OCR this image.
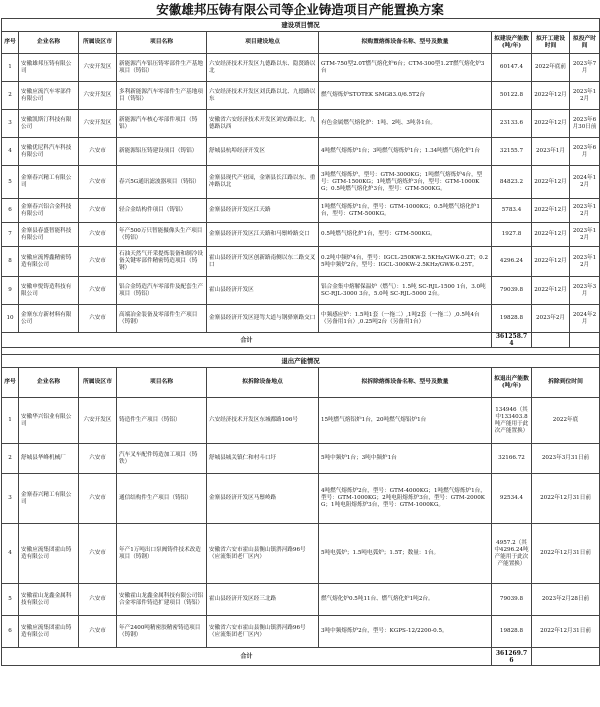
安徽雄邦压铸有限公司等企业铸造项目产能置换方案
建设项目情况								
序号	企业名称	所属设区市	项目名称	项目建设地点	拟购置熔炼设备名称、型号及数量	拟建设产能数(吨/年)	拟开工建设时间	拟投产时间
1	安徽雄邦压铸有限公司	六安开发区	新能源汽车铝压铸零部件生产基地项目（铸铝）	六安经济技术开发区九德路以东、隐贤路以北	GTM-750型2.0T燃气熔化炉6台；CTM-300型1.2T燃气熔化炉3台	60147.4	2022年底前	2023年7月
2	安徽应流汽车零部件有限公司	六安开发区	多利新能源汽车零部件生产基地项目（铸铝）	六安经济技术开发区刘氏路以北、九德路以东	燃气熔炼炉STOTEK SMG83.0/6.5T2台	50122.8	2022年12月	2023年12月
3	安徽凯斯汀科技有限公司	六安开发区	新能源汽车核心零部件项目（铸铝）	安徽省六安经济技术开发区刘安路以北、九德路以西	有色金属燃气熔化炉：1吨、2吨、3吨各1台。	23133.6	2022年12月	2023年6月30日前
4	安徽优尼科汽车科技有限公司	六安市	新能源铝压铸建设项目（铸铝）	舒城县杭埠经济开发区	4吨燃气熔炼炉1台；3吨燃气熔炼炉1台；1.34吨燃气熔化炉1台	32155.7	2023年1月	2023年6月
5	金寨春兴精工有限公司	六安市	春兴5G通讯滤波器项目（铸铝）	金寨县现代产业园，金寨县长江路以东、重冲路以北	3吨燃气熔炼炉，型号：GTM-3000KG；1吨燃气熔炼炉4台，型号：GTM-1500KG；1吨燃气熔炼炉3台，型号：GTM-1000KG；0.5吨燃气熔化炉3台，型号：GTM-500KG。	84823.2	2022年12月	2024年12月
6	金寨春兴铝合金科技有限公司	六安市	轻合金结构件项目（铸铝）	金寨县经济开发区江天路	1吨燃气熔炼炉1台，型号：GTM-1000KG；0.5吨燃气熔化炉1台，型号：GTM-500KG。	5783.4	2022年12月	2023年12月
7	金寨县春盛智能科技有限公司	六安市	年产500万只智能摄像头生产项目（铸铝）	金寨县经济开发区江天路和马鬃岭路交口	0.5吨燃气熔化炉1台，型号：GTM-500KG。	1927.8	2022年12月	2023年12月
8	安徽应流博鑫精密铸造有限公司	六安市	石油天然气开采提炼装备和制冷设备关键零部件精密铸造项目（铸钢）	霍山县经济开发区创新路南侧以东二路交叉口	0.2吨中频炉4台，型号：IGCL-250KW-2.5KHz/GWK-0.2T；0.25吨中频炉2台，型号：IGCL-300KW-2.5KHz/GWK-0.25T。	4296.24	2022年12月	2023年12月
9	安徽申悦铸造科技有限公司	六安市	铝合金铸造汽车零部件及配套生产项目（铸铝）	霍山县经济开发区	铝合金集中熔解保温炉（燃气）：1.5吨 SC-RJL-1500 1台，3.0吨 SC-RJL-3000 3台，5.0吨 SC-RJL-5000 2台。	79039.8	2022年12月	2023年3月
10	金寨东方新材料有限公司	六安市	高端冶金装备及零部件生产项目（铸钢）	金寨县经济开发区迎驾大道与钢驿寨路交口	中频感应炉：1.5吨1套（一拖二）,1吨2套（一拖二）,0.5吨4台（另备用1台）,0.25吨2台（另备用1台）	19828.8	2023年2月	2024年2月
合计						361258.74		

退出产能情况								
序号	企业名称	所属设区市	项目名称	拟拆除设备地点	拟拆除熔炼设备名称、型号及数量	拟退出产能数(吨/年)	拆除到位时间	
1	安徽华兴铝业有限公司	六安开发区	铸造件生产项目（铸铝）	六安经济技术开发区东城都路106号	15吨燃气熔铝炉1台，20吨燃气熔铝炉1台	134946（其中133403.8吨产能用于此次产能置换）	2022年底	
2	舒城县华峰机械厂	六安市	汽车叉车配件铸造加工项目（铸铁）	舒城县城关镇仁和村斗口圩	5吨中频炉1台；3吨中频炉1台	32166.72	2023年3月31日前	
3	金寨春兴精工有限公司	六安市	通信结构件生产项目（铸铝）	金寨县经济开发区马鬃岭路	4吨燃气熔炼炉2台，型号：GTM-4000KG；1吨燃气熔炼炉1台，型号：GTM-1000KG；2吨电阻熔炼炉3台，型号：GTM-2000KG；1吨电阻熔炼炉3台，型号：GTM-1000KG。	92534.4	2022年12月31日前	
4	安徽应流集团霍山铸造有限公司	六安市	年产1万吨出口泵阀铸件技术改造项目（铸钢）	安徽省六安市霍山县衡山镇淠河路96号（应流集团老厂区内）	5吨电弧炉；1.5吨电弧炉；1.5T；数量：1台。	4957.2（其中4296.24吨产能用于此次产能置换）	2022年12月31日前	
5	安徽霍山龙鑫金属科技有限公司	六安市	安徽霍山龙鑫金属科技有限公司铝合金零部件铸造扩建项目（铸铝）	霍山县经济开发区经三北路	燃气熔化炉0.5吨11台、燃气熔化炉1吨2台。	79039.8	2023年2月28日前	
6	安徽应流集团霍山铸造有限公司	六安市	年产2400吨精密胶精密铸造项目（铸钢）	安徽省六安市霍山县衡山镇淠河路96号（应流集团老厂区内）	3吨中频熔炼炉2台，型号：KGPS-12/2200-0.5。	19828.8	2022年12月31日前	
合计						361269.76		
